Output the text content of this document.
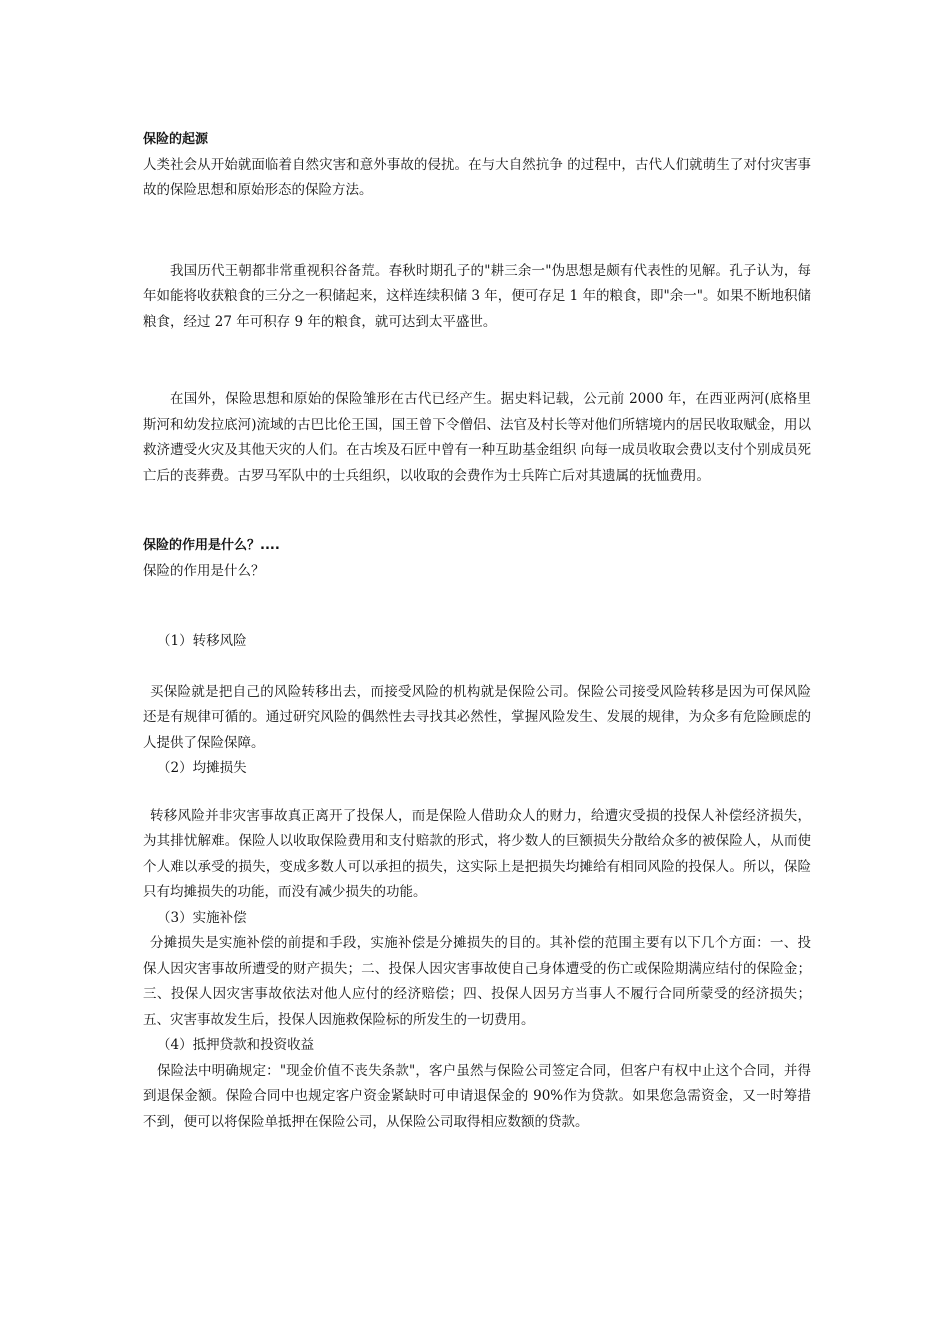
保险的起源

人类社会从开始就面临着自然灾害和意外事故的侵扰。在与大自然抗争 的过程中，古代人们就萌生了对付灾害事故的保险思想和原始形态的保险方法。

我国历代王朝都非常重视积谷备荒。春秋时期孔子的"耕三余一"伪思想是颇有代表性的见解。孔子认为，每年如能将收获粮食的三分之一积储起来，这样连续积储 3 年，便可存足 1 年的粮食，即"余一"。如果不断地积储粮食，经过 27 年可积存 9 年的粮食，就可达到太平盛世。

在国外，保险思想和原始的保险雏形在古代已经产生。据史料记载，公元前 2000 年，在西亚两河(底格里斯河和幼发拉底河)流域的古巴比伦王国，国王曾下令僧侣、法官及村长等对他们所辖境内的居民收取赋金，用以救济遭受火灾及其他天灾的人们。在古埃及石匠中曾有一种互助基金组织 向每一成员收取会费以支付个别成员死亡后的丧葬费。古罗马军队中的士兵组织，以收取的会费作为士兵阵亡后对其遗属的抚恤费用。

保险的作用是什么？....

保险的作用是什么？

（1）转移风险

买保险就是把自己的风险转移出去，而接受风险的机构就是保险公司。保险公司接受风险转移是因为可保风险还是有规律可循的。通过研究风险的偶然性去寻找其必然性，掌握风险发生、发展的规律，为众多有危险顾虑的人提供了保险保障。

（2）均摊损失

转移风险并非灾害事故真正离开了投保人，而是保险人借助众人的财力，给遭灾受损的投保人补偿经济损失，为其排忧解难。保险人以收取保险费用和支付赔款的形式，将少数人的巨额损失分散给众多的被保险人，从而使个人难以承受的损失，变成多数人可以承担的损失，这实际上是把损失均摊给有相同风险的投保人。所以，保险只有均摊损失的功能，而没有减少损失的功能。

（3）实施补偿

分摊损失是实施补偿的前提和手段，实施补偿是分摊损失的目的。其补偿的范围主要有以下几个方面：一、投保人因灾害事故所遭受的财产损失；二、投保人因灾害事故使自己身体遭受的伤亡或保险期满应结付的保险金；三、投保人因灾害事故依法对他人应付的经济赔偿；四、投保人因另方当事人不履行合同所蒙受的经济损失；五、灾害事故发生后，投保人因施救保险标的所发生的一切费用。

（4）抵押贷款和投资收益

保险法中明确规定："现金价值不丧失条款"，客户虽然与保险公司签定合同，但客户有权中止这个合同，并得到退保金额。保险合同中也规定客户资金紧缺时可申请退保金的 90%作为贷款。如果您急需资金，又一时筹措不到，便可以将保险单抵押在保险公司，从保险公司取得相应数额的贷款。
